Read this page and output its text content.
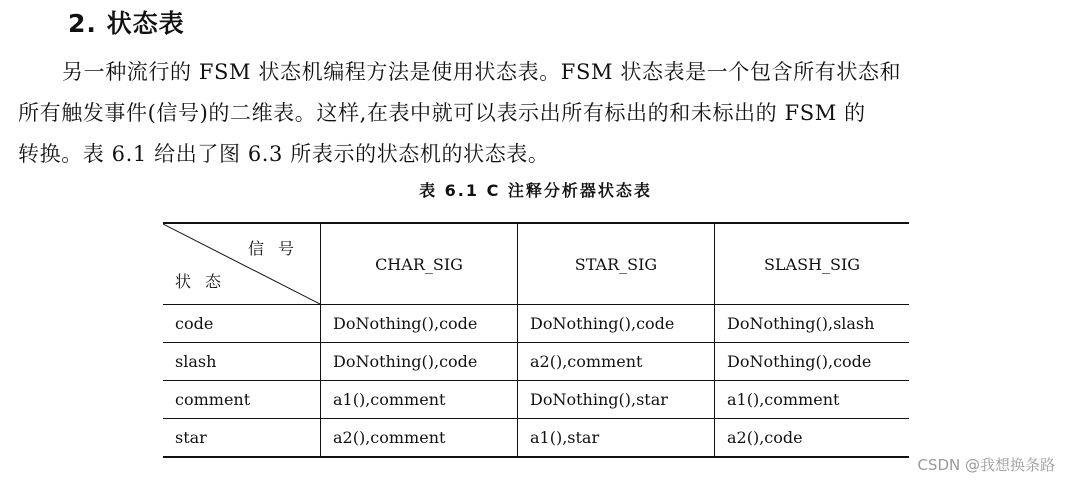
2. 状态表
另一种流行的 FSM 状态机编程方法是使用状态表。FSM 状态表是一个包含所有状态和
所有触发事件(信号)的二维表。这样,在表中就可以表示出所有标出的和未标出的 FSM 的
转换。表 6.1 给出了图 6.3 所表示的状态机的状态表。
表 6.1 C 注释分析器状态表
信号
状态	CHAR_SIG	STAR_SIG	SLASH_SIG
code	DoNothing(),code	DoNothing(),code	DoNothing(),slash
slash	DoNothing(),code	a2(),comment	DoNothing(),code
comment	a1(),comment	DoNothing(),star	a1(),comment
star	a2(),comment	a1(),star	a2(),code
CSDN @我想换条路
